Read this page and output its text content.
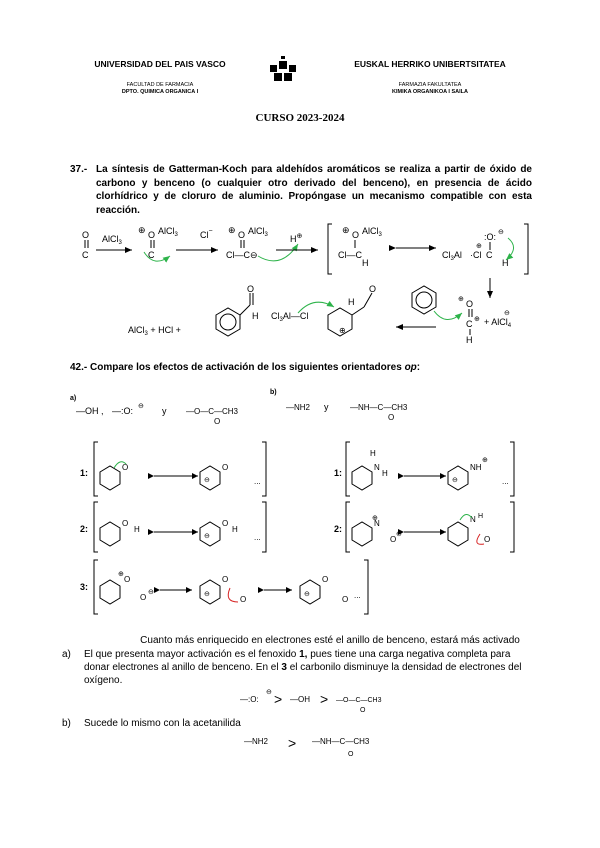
UNIVERSIDAD DEL PAIS VASCO
FACULTAD DE FARMACIA
DPTO. QUIMICA ORGANICA I
EUSKAL HERRIKO UNIBERTSITATEA
FARMAZIA FAKULTATEA
KIMIKA ORGANIKOA I SAILA
CURSO 2023-2024
37.- La síntesis de Gatterman-Koch para aldehídos aromáticos se realiza a partir de óxido de carbono y benceno (o cualquier otro derivado del benceno), en presencia de ácido clorhídrico y de cloruro de aluminio. Propóngase un mecanismo compatible con esta reacción.
O
C
AlCl$_3$
⊕ O AlCl$_3$
C
Cl− ⊕ O AlCl$_3$
Cl—C ⊖
H⊕
⊕ O AlCl$_3$
Cl—C
H
:O: ⊖
$Cl_3Al \cdot Cl$ C
H
⊕
AlCl$_3$ + HCl +
O
H $Cl_3Al—Cl$
H
O
⊕
⊕ O
C ⊕
H
+ AlCl$_4$
⊖
42.- Compare los efectos de activación de los siguientes orientadores op:
a)
—OH , —:O: ⊖ y —O—C—CH3
O
b)
—NH2 y	—NH—C—CH3
O
1:
O	O
⊖	...
1:
H
N
H
NH
⊕
⊖	...
2:
O
H
O
H
⊖	...
2:
⊕
N
O
⊖
N H
O
3:
⊕
O
O
⊖
O
⊖
O
O
⊖
O ...
Cuanto más enriquecido en electrones esté el anillo de benceno, estará más activado
a)	El que presenta mayor activación es el fenoxido 1, pues tiene una carga negativa completa para donar electrones al anillo de benceno. En el 3 el carbonilo disminuye la densidad de electrones del oxígeno.
—:O:
⊖ > —OH > —O—C—CH3
O
b)	Sucede lo mismo con la acetanilida
—NH2 > —NH—C—CH3
O
